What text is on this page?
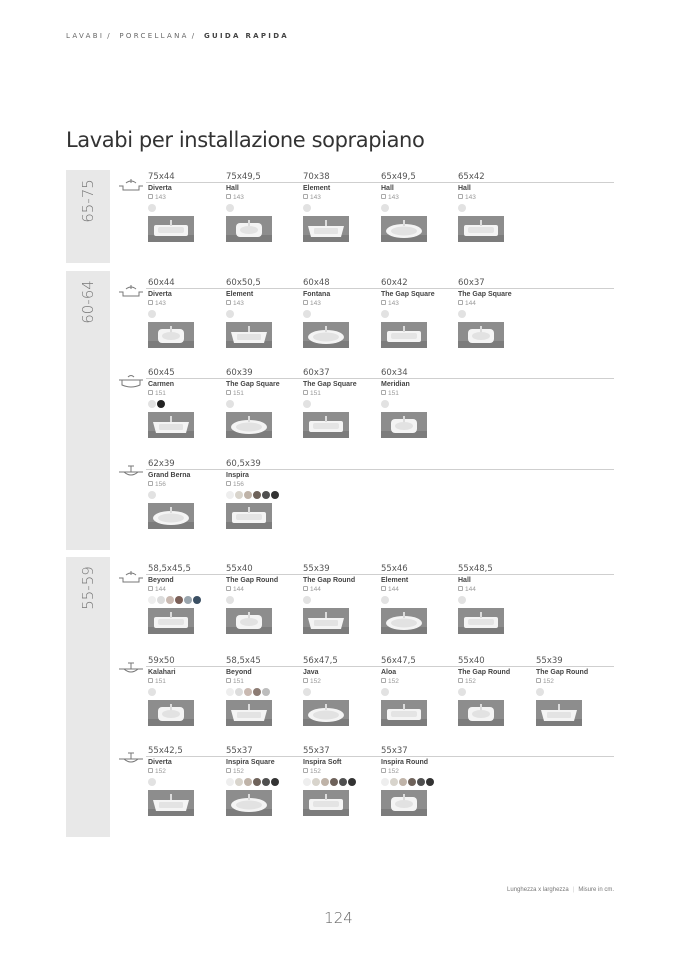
LAVABI / PORCELLANA / GUIDA RAPIDA
Lavabi per installazione soprapiano
65-75
60-64
55-59
75x44
Diverta
143
75x49,5
Hall
143
70x38
Element
143
65x49,5
Hall
143
65x42
Hall
143
60x44
Diverta
143
60x50,5
Element
143
60x48
Fontana
143
60x42
The Gap Square
143
60x37
The Gap Square
144
60x45
Carmen
151
60x39
The Gap Square
151
60x37
The Gap Square
151
60x34
Meridian
151
62x39
Grand Berna
156
60,5x39
Inspira
156
58,5x45,5
Beyond
144
55x40
The Gap Round
144
55x39
The Gap Round
144
55x46
Element
144
55x48,5
Hall
144
59x50
Kalahari
151
58,5x45
Beyond
151
56x47,5
Java
152
56x47,5
Aloa
152
55x40
The Gap Round
152
55x39
The Gap Round
152
55x42,5
Diverta
152
55x37
Inspira Square
152
55x37
Inspira Soft
152
55x37
Inspira Round
152
Lunghezza x larghezza | Misure in cm.
124
